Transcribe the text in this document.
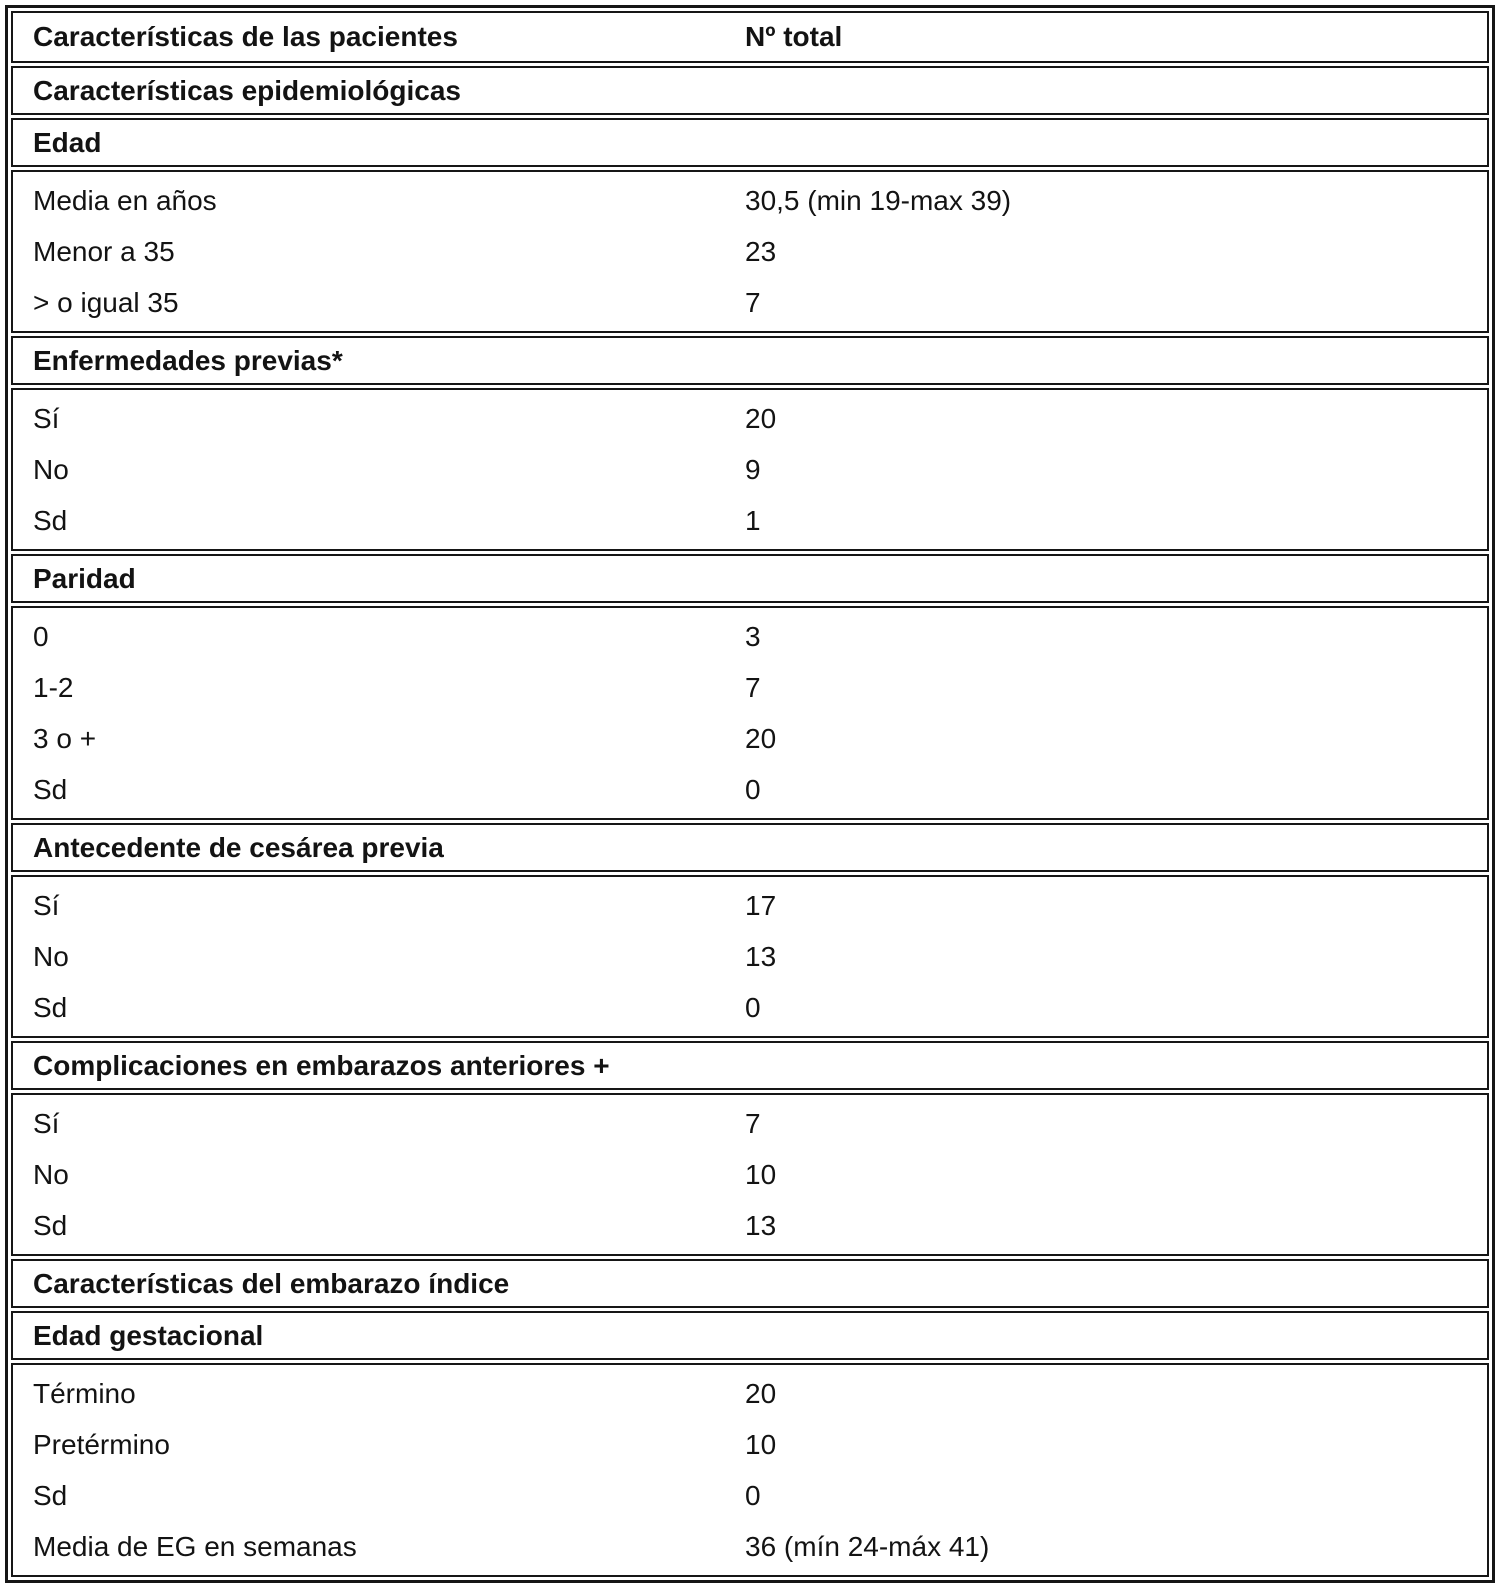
Características de las pacientes	Nº total
Características epidemiológicas
Edad
Media en años	30,5 (min 19-max 39)
Menor a 35	23
> o igual 35	7
Enfermedades previas*
Sí	20
No	9
Sd	1
Paridad
0	3
1-2	7
3 o +	20
Sd	0
Antecedente de cesárea previa
Sí	17
No	13
Sd	0
Complicaciones en embarazos anteriores +
Sí	7
No	10
Sd	13
Características del embarazo índice
Edad gestacional
Término	20
Pretérmino	10
Sd	0
Media de EG en semanas	36 (mín 24-máx 41)
